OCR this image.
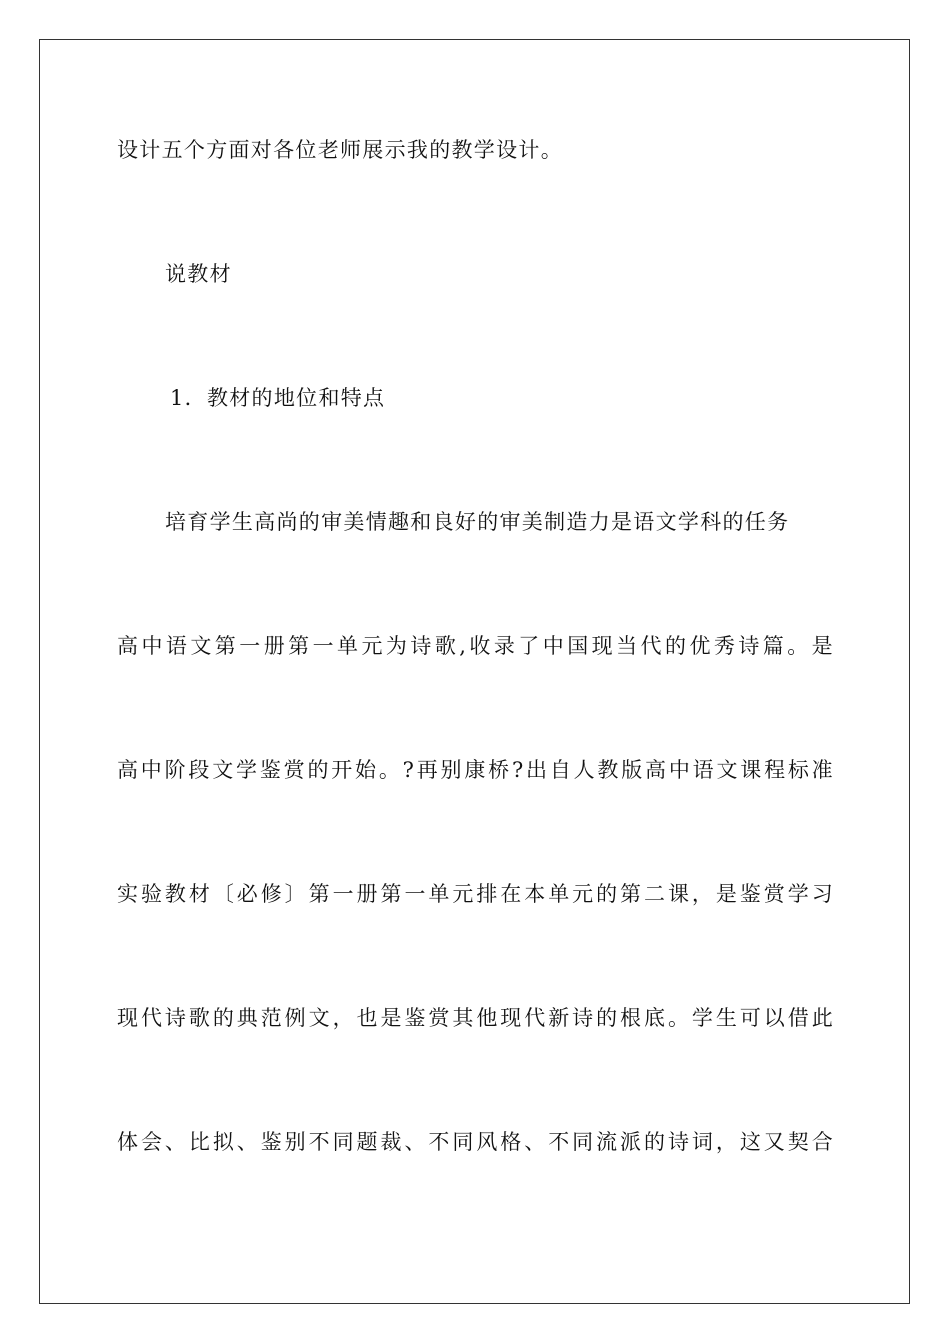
设计五个方面对各位老师展示我的教学设计。
说教材
1．教材的地位和特点
培育学生高尚的审美情趣和良好的审美制造力是语文学科的任务
高中语文第一册第一单元为诗歌,收录了中国现当代的优秀诗篇。是
高中阶段文学鉴赏的开始。?再别康桥?出自人教版高中语文课程标准
实验教材〔必修〕第一册第一单元排在本单元的第二课，是鉴赏学习
现代诗歌的典范例文，也是鉴赏其他现代新诗的根底。学生可以借此
体会、比拟、鉴别不同题裁、不同风格、不同流派的诗词，这又契合
